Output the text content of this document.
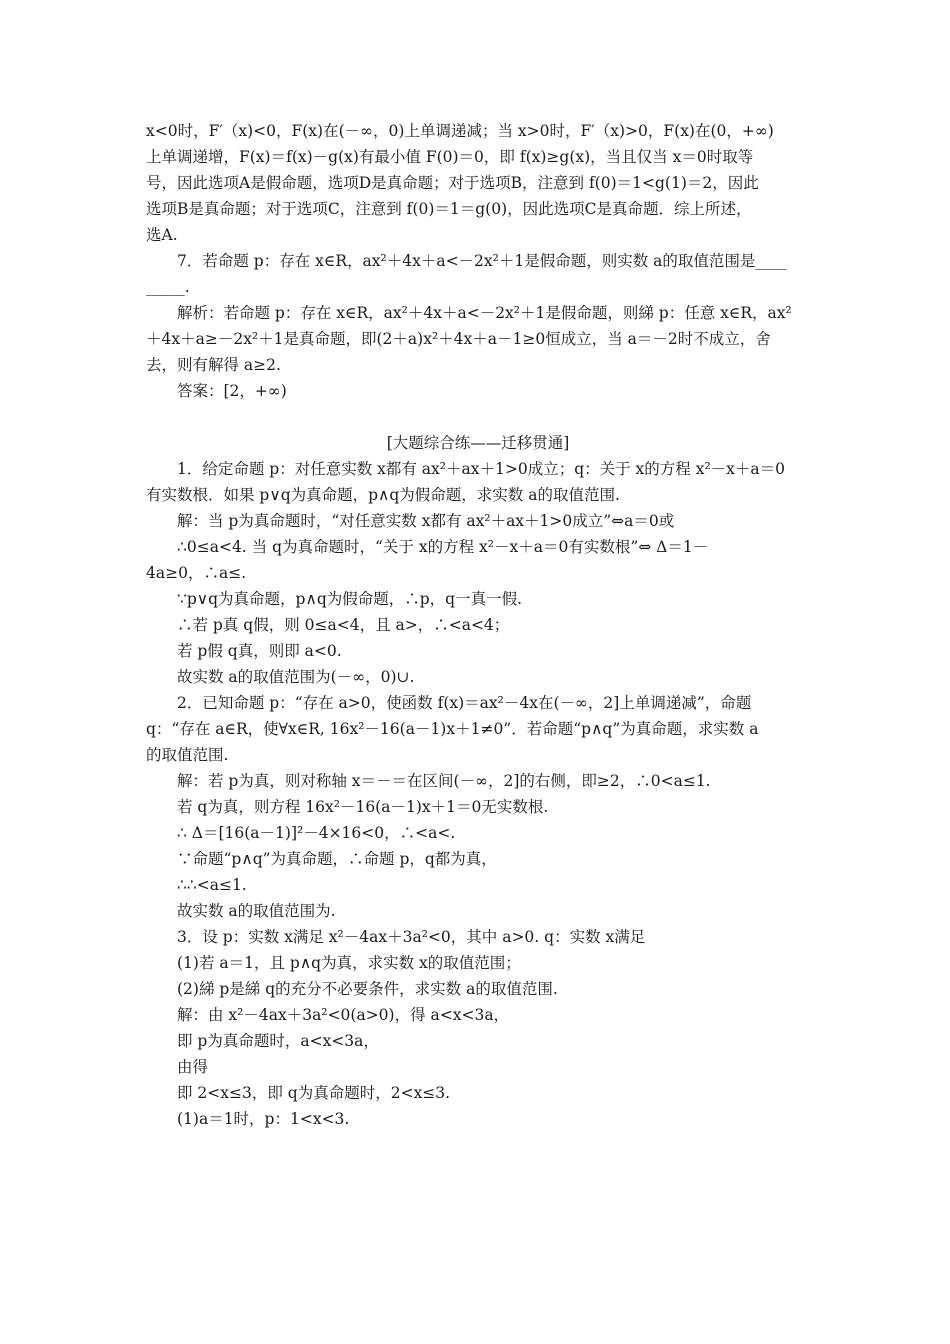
x<0时，F′（x)<0，F(x)在(－∞，0)上单调递减；当 x>0时，F′（x)>0，F(x)在(0，+∞)
上单调递增，F(x)＝f(x)－g(x)有最小值 F(0)＝0，即 f(x)≥g(x)，当且仅当 x＝0时取等
号，因此选项A是假命题，选项D是真命题；对于选项B，注意到 f(0)＝1<g(1)＝2，因此
选项B是真命题；对于选项C，注意到 f(0)＝1＝g(0)，因此选项C是真命题．综上所述，
选A.
7．若命题 p：存在 x∈R，ax²＋4x＋a<－2x²＋1是假命题，则实数 a的取值范围是____
_____.
解析：若命题 p：存在 x∈R，ax²＋4x＋a<－2x²＋1是假命题，则綈 p：任意 x∈R，ax²
＋4x＋a≥－2x²＋1是真命题，即(2＋a)x²＋4x＋a－1≥0恒成立，当 a＝－2时不成立，舍
去，则有解得 a≥2.
答案：[2，+∞)
[大题综合练——迁移贯通]
1．给定命题 p：对任意实数 x都有 ax²＋ax＋1>0成立；q：关于 x的方程 x²－x＋a＝0
有实数根．如果 p∨q为真命题，p∧q为假命题，求实数 a的取值范围.
解：当 p为真命题时，“对任意实数 x都有 ax²＋ax＋1>0成立”⇔a＝0或
∴0≤a<4. 当 q为真命题时，“关于 x的方程 x²－x＋a＝0有实数根”⇔ Δ＝1－
4a≥0，∴a≤.
∵p∨q为真命题，p∧q为假命题，∴p，q一真一假.
∴若 p真 q假，则 0≤a<4，且 a>，∴<a<4；
若 p假 q真，则即 a<0.
故实数 a的取值范围为(－∞，0)∪.
2．已知命题 p：“存在 a>0，使函数 f(x)＝ax²－4x在(－∞，2]上单调递减”，命题
q：“存在 a∈R，使∀x∈R, 16x²－16(a－1)x＋1≠0”．若命题“p∧q”为真命题，求实数 a
的取值范围.
解：若 p为真，则对称轴 x＝－＝在区间(－∞，2]的右侧，即≥2，∴0<a≤1.
若 q为真，则方程 16x²－16(a－1)x＋1＝0无实数根.
∴ Δ＝[16(a－1)]²－4×16<0，∴<a<.
∵命题“p∧q”为真命题，∴命题 p，q都为真，
∴∴<a≤1.
故实数 a的取值范围为.
3．设 p：实数 x满足 x²－4ax＋3a²<0，其中 a>0. q：实数 x满足
(1)若 a＝1，且 p∧q为真，求实数 x的取值范围；
(2)綈 p是綈 q的充分不必要条件，求实数 a的取值范围.
解：由 x²－4ax＋3a²<0(a>0)，得 a<x<3a，
即 p为真命题时，a<x<3a，
由得
即 2<x≤3，即 q为真命题时，2<x≤3.
(1)a＝1时，p：1<x<3.
